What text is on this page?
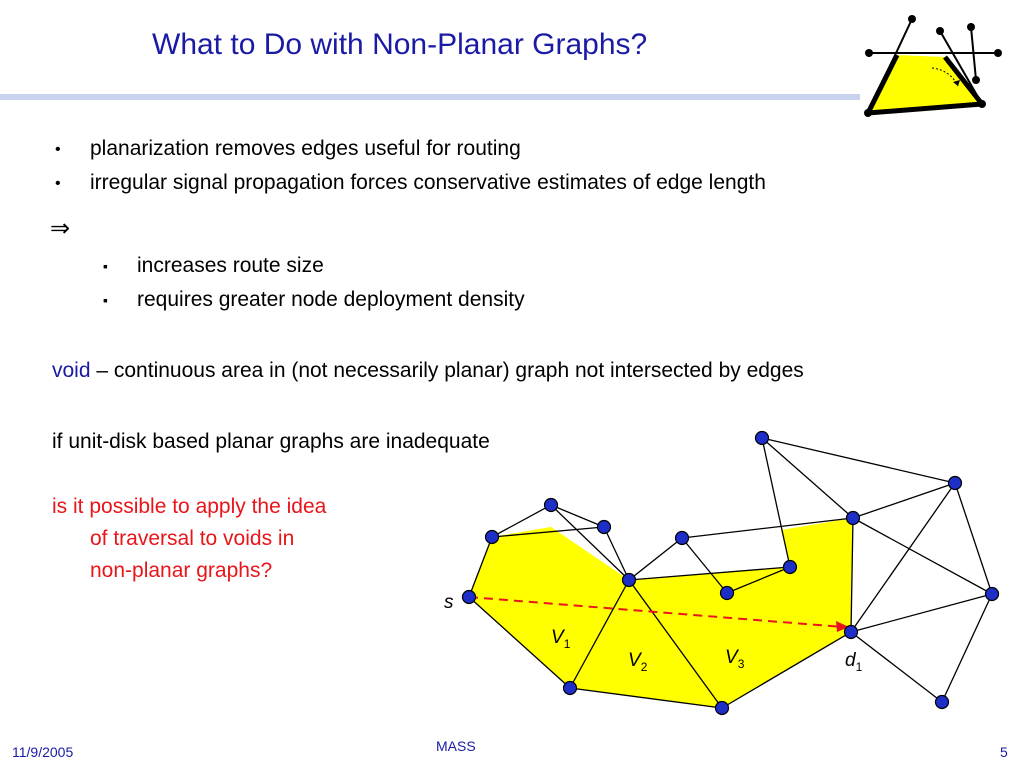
What to Do with Non-Planar Graphs?
• planarization removes edges useful for routing
• irregular signal propagation forces conservative estimates of edge length
⇒
▪ increases route size
▪ requires greater node deployment density
void – continuous area in (not necessarily planar) graph not intersected by edges
if unit-disk based planar graphs are inadequate
is it possible to apply the idea
of traversal to voids in
non-planar graphs?
s
$V_1$
$V_2$	$V_3$	$d_1$
11/9/2005	MASS	5
